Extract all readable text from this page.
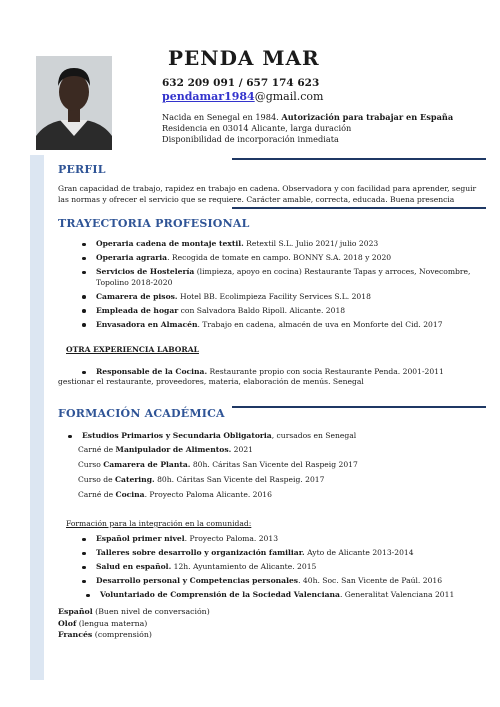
PENDA MAR
632 209 091 / 657 174 623
pendamar1984@gmail.com
Nacida en Senegal en 1984. Autorización para trabajar en España
Residencia en 03014 Alicante, larga duración
Disponibilidad de incorporación inmediata
PERFIL
Gran capacidad de trabajo, rapidez en trabajo en cadena. Observadora y con facilidad para aprender, seguir las normas y ofrecer el servicio que se requiere. Carácter amable, correcta, educada. Buena presencia
TRAYECTORIA PROFESIONAL
Operaria cadena de montaje textil. Retextil S.L. Julio 2021/ julio 2023
Operaria agraria. Recogida de tomate en campo. BONNY S.A. 2018 y 2020
Servicios de Hostelería (limpieza, apoyo en cocina) Restaurante Tapas y arroces, Novecombre, Topolino 2018-2020
Camarera de pisos. Hotel BB. Ecolimpieza Facility Services S.L. 2018
Empleada de hogar con Salvadora Baldo Ripoll. Alicante. 2018
Envasadora en Almacén. Trabajo en cadena, almacén de uva en Monforte del Cid. 2017
OTRA EXPERIENCIA LABORAL
Responsable de la Cocina. Restaurante propio con socia Restaurante Penda. 2001-2011
gestionar el restaurante, proveedores, materia, elaboración de menús. Senegal
FORMACIÓN ACADÉMICA
Estudios Primarios y Secundaria Obligatoria, cursados en Senegal
Carné de Manipulador de Alimentos. 2021
Curso Camarera de Planta. 80h. Cáritas San Vicente del Raspeig 2017
Curso de Catering. 80h. Cáritas San Vicente del Raspeig. 2017
Carné de Cocina. Proyecto Paloma Alicante. 2016
Formación para la integración en la comunidad:
Español primer nivel. Proyecto Paloma. 2013
Talleres sobre desarrollo y organización familiar. Ayto de Alicante 2013-2014
Salud en español. 12h. Ayuntamiento de Alicante. 2015
Desarrollo personal y Competencias personales. 40h. Soc. San Vicente de Paúl. 2016
Voluntariado de Comprensión de la Sociedad Valenciana. Generalitat Valenciana 2011
Español (Buen nivel de conversación)
Olof (lengua materna)
Francés (comprensión)
